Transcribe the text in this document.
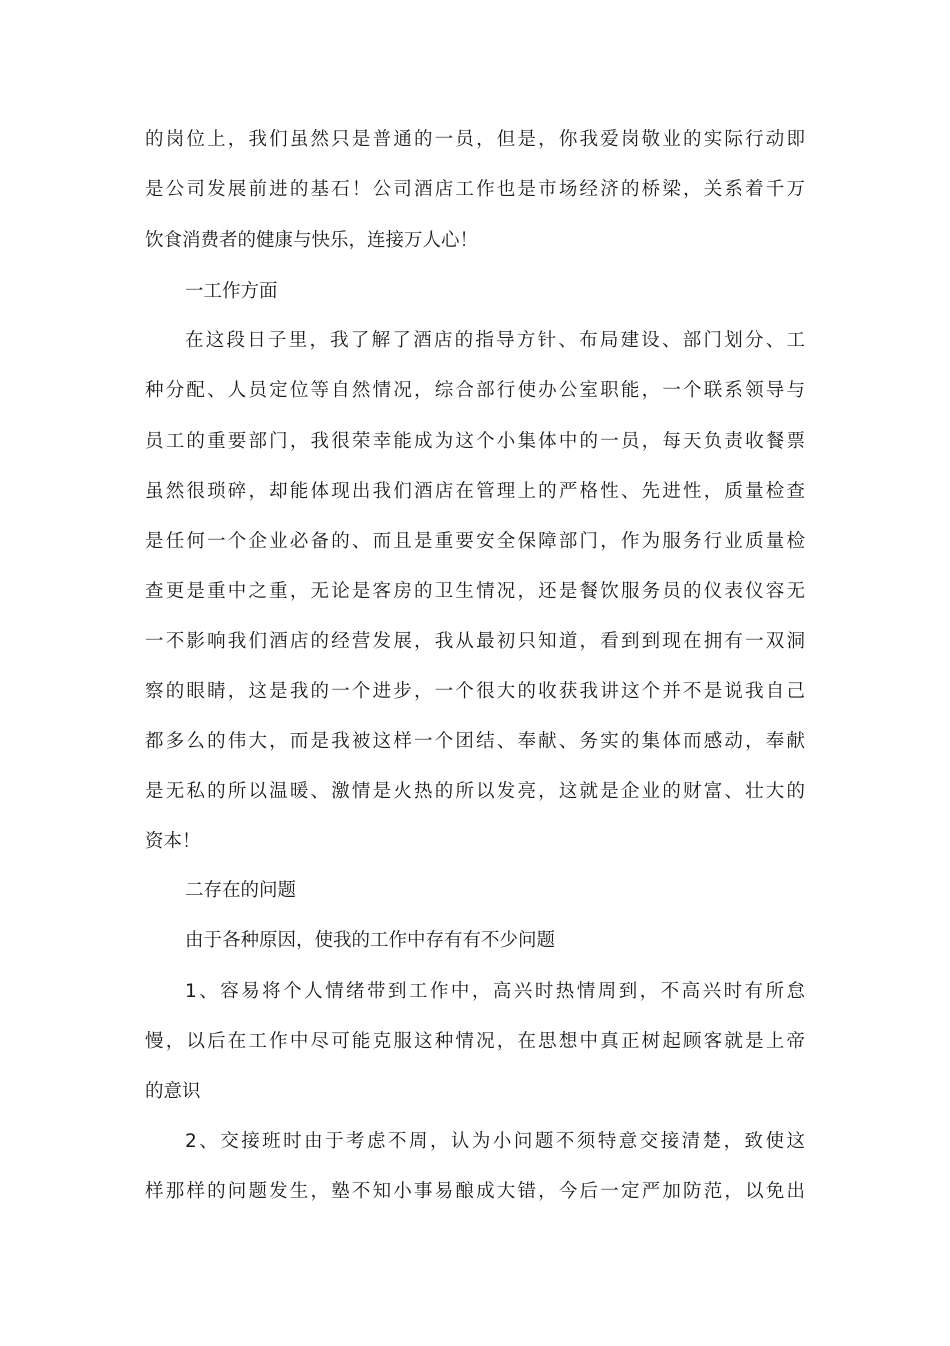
的岗位上，我们虽然只是普通的一员，但是，你我爱岗敬业的实际行动即
是公司发展前进的基石！公司酒店工作也是市场经济的桥梁，关系着千万
饮食消费者的健康与快乐，连接万人心！
一工作方面
在这段日子里，我了解了酒店的指导方针、布局建设、部门划分、工
种分配、人员定位等自然情况，综合部行使办公室职能，一个联系领导与
员工的重要部门，我很荣幸能成为这个小集体中的一员，每天负责收餐票
虽然很琐碎，却能体现出我们酒店在管理上的严格性、先进性，质量检查
是任何一个企业必备的、而且是重要安全保障部门，作为服务行业质量检
查更是重中之重，无论是客房的卫生情况，还是餐饮服务员的仪表仪容无
一不影响我们酒店的经营发展，我从最初只知道，看到到现在拥有一双洞
察的眼睛，这是我的一个进步，一个很大的收获我讲这个并不是说我自己
都多么的伟大，而是我被这样一个团结、奉献、务实的集体而感动，奉献
是无私的所以温暖、激情是火热的所以发亮，这就是企业的财富、壮大的
资本！
二存在的问题
由于各种原因，使我的工作中存有有不少问题
1、容易将个人情绪带到工作中，高兴时热情周到，不高兴时有所怠
慢，以后在工作中尽可能克服这种情况，在思想中真正树起顾客就是上帝
的意识
2、交接班时由于考虑不周，认为小问题不须特意交接清楚，致使这
样那样的问题发生，塾不知小事易酿成大错，今后一定严加防范，以免出
